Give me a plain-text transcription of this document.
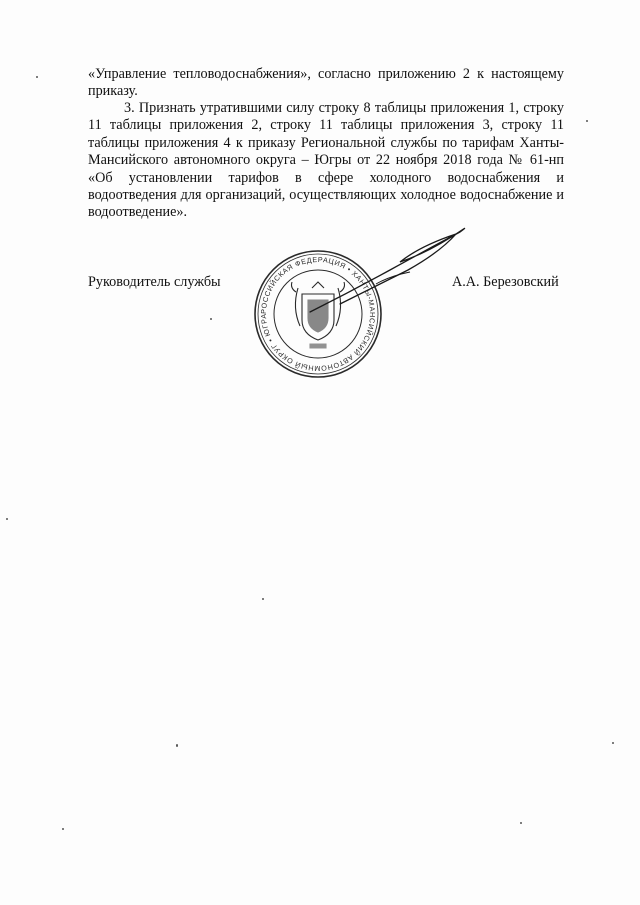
«Управление тепловодоснабжения», согласно приложению 2 к настоящему приказу.

3. Признать утратившими силу строку 8 таблицы приложения 1, строку 11 таблицы приложения 2, строку 11 таблицы приложения 3, строку 11 таблицы приложения 4 к приказу Региональной службы по тарифам Ханты-Мансийского автономного округа – Югры от 22 ноября 2018 года № 61-нп «Об установлении тарифов в сфере холодного водоснабжения и водоотведения для организаций, осуществляющих холодное водоснабжение и водоотведение».

Руководитель службы	А.А. Березовский
РОССИЙСКАЯ ФЕДЕРАЦИЯ • ХАНТЫ-МАНСИЙСКИЙ АВТОНОМНЫЙ ОКРУГ • ЮГРА
